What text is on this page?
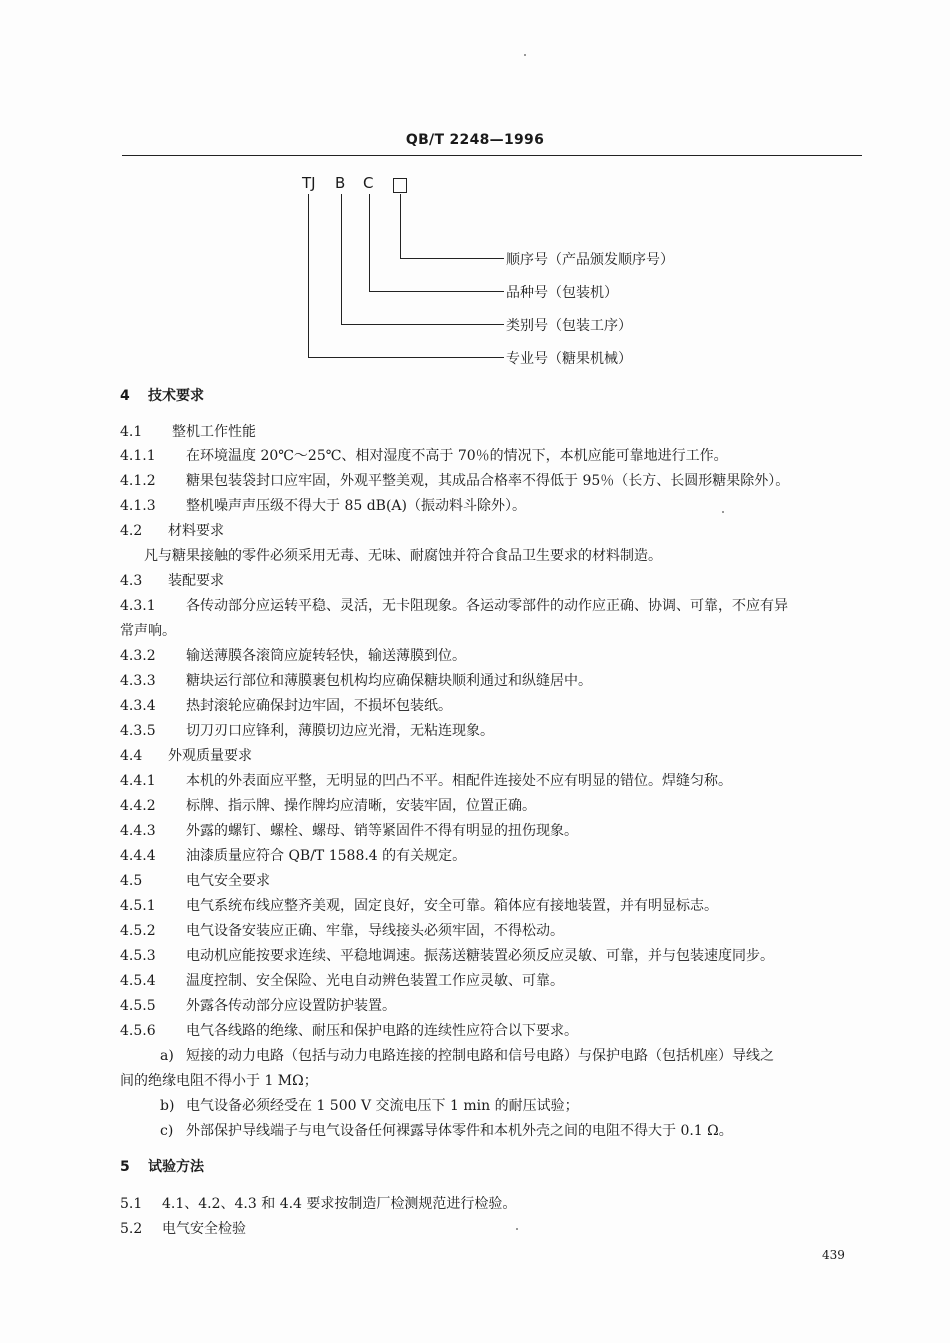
QB/T 2248—1996
TJ B C
顺序号（产品颁发顺序号）
品种号（包装机）
类别号（包装工序）
专业号（糖果机械）
4 技术要求
4.1 整机工作性能
4.1.1 在环境温度 20℃～25℃、相对湿度不高于 70％的情况下，本机应能可靠地进行工作。
4.1.2 糖果包装袋封口应牢固，外观平整美观，其成品合格率不得低于 95％（长方、长圆形糖果除外）。
4.1.3 整机噪声声压级不得大于 85 dB(A)（振动料斗除外）。
4.2 材料要求
凡与糖果接触的零件必须采用无毒、无味、耐腐蚀并符合食品卫生要求的材料制造。
4.3 装配要求
4.3.1 各传动部分应运转平稳、灵活，无卡阻现象。各运动零部件的动作应正确、协调、可靠，不应有异
常声响。
4.3.2 输送薄膜各滚筒应旋转轻快，输送薄膜到位。
4.3.3 糖块运行部位和薄膜裹包机构均应确保糖块顺利通过和纵缝居中。
4.3.4 热封滚轮应确保封边牢固，不损坏包装纸。
4.3.5 切刀刃口应锋利，薄膜切边应光滑，无粘连现象。
4.4 外观质量要求
4.4.1 本机的外表面应平整，无明显的凹凸不平。相配件连接处不应有明显的错位。焊缝匀称。
4.4.2 标牌、指示牌、操作牌均应清晰，安装牢固，位置正确。
4.4.3 外露的螺钉、螺栓、螺母、销等紧固件不得有明显的扭伤现象。
4.4.4 油漆质量应符合 QB/T 1588.4 的有关规定。
4.5	电气安全要求
4.5.1 电气系统布线应整齐美观，固定良好，安全可靠。箱体应有接地装置，并有明显标志。
4.5.2 电气设备安装应正确、牢靠，导线接头必须牢固，不得松动。
4.5.3 电动机应能按要求连续、平稳地调速。振荡送糖装置必须反应灵敏、可靠，并与包装速度同步。
4.5.4 温度控制、安全保险、光电自动辨色装置工作应灵敏、可靠。
4.5.5 外露各传动部分应设置防护装置。
4.5.6 电气各线路的绝缘、耐压和保护电路的连续性应符合以下要求。
a) 短接的动力电路（包括与动力电路连接的控制电路和信号电路）与保护电路（包括机座）导线之
间的绝缘电阻不得小于 1 MΩ；
b) 电气设备必须经受在 1 500 V 交流电压下 1 min 的耐压试验；
c) 外部保护导线端子与电气设备任何裸露导体零件和本机外壳之间的电阻不得大于 0.1 Ω。
5 试验方法
5.1 4.1、4.2、4.3 和 4.4 要求按制造厂检测规范进行检验。
5.2 电气安全检验
439
